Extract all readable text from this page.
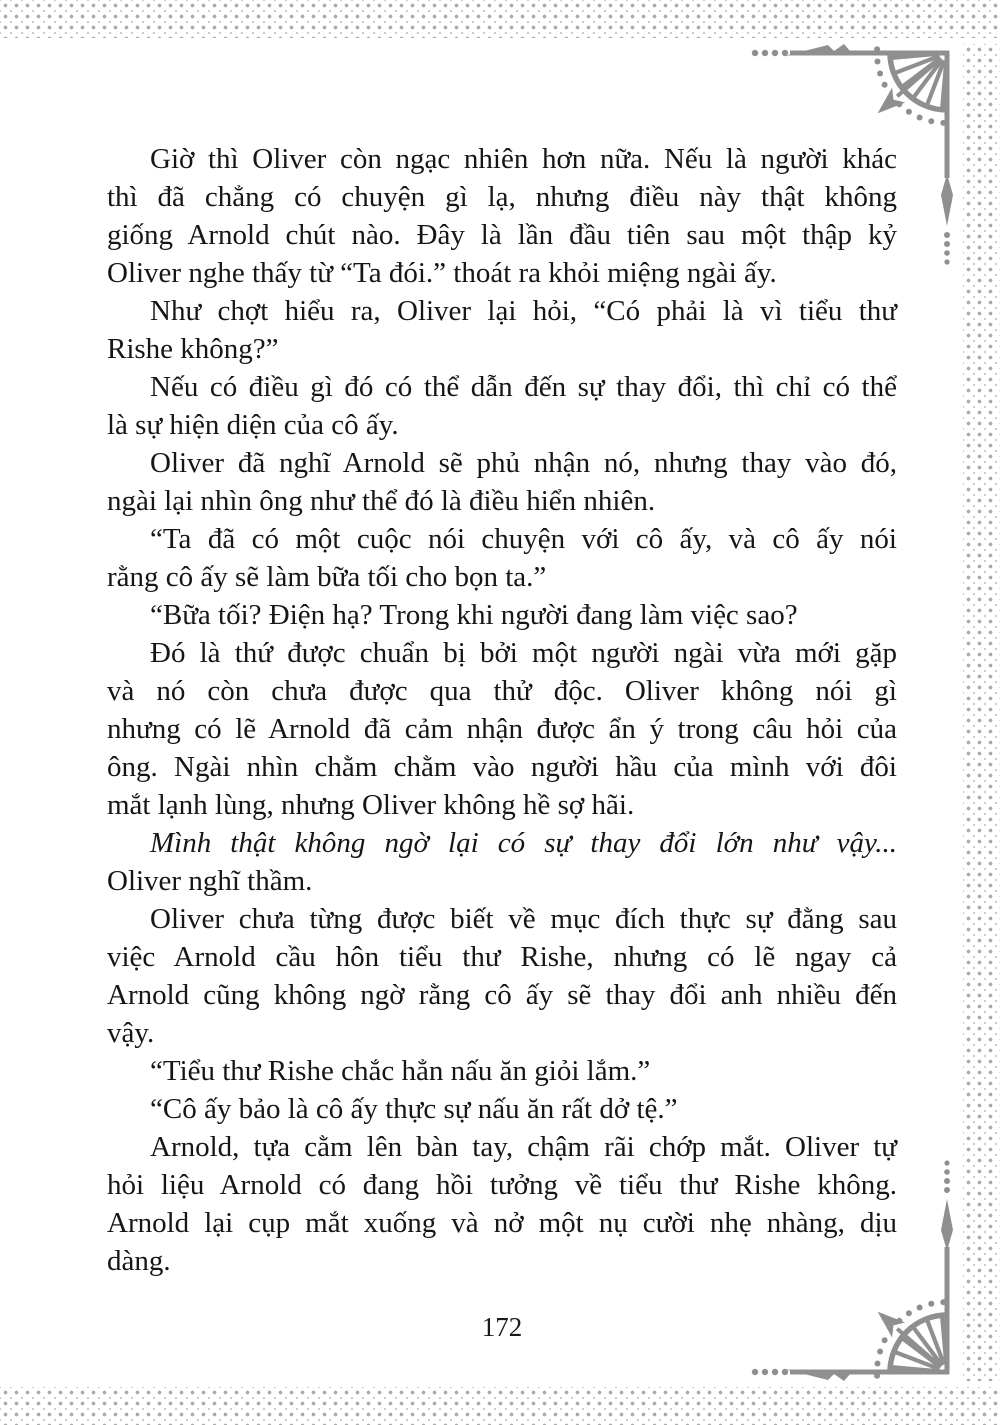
Giờ thì Oliver còn ngạc nhiên hơn nữa. Nếu là người khác
thì đã chẳng có chuyện gì lạ, nhưng điều này thật không
giống Arnold chút nào. Đây là lần đầu tiên sau một thập kỷ
Oliver nghe thấy từ “Ta đói.” thoát ra khỏi miệng ngài ấy.
Như chợt hiểu ra, Oliver lại hỏi, “Có phải là vì tiểu thư
Rishe không?”
Nếu có điều gì đó có thể dẫn đến sự thay đổi, thì chỉ có thể
là sự hiện diện của cô ấy.
Oliver đã nghĩ Arnold sẽ phủ nhận nó, nhưng thay vào đó,
ngài lại nhìn ông như thể đó là điều hiển nhiên.
“Ta đã có một cuộc nói chuyện với cô ấy, và cô ấy nói
rằng cô ấy sẽ làm bữa tối cho bọn ta.”
“Bữa tối? Điện hạ? Trong khi người đang làm việc sao?
Đó là thứ được chuẩn bị bởi một người ngài vừa mới gặp
và nó còn chưa được qua thử độc. Oliver không nói gì
nhưng có lẽ Arnold đã cảm nhận được ẩn ý trong câu hỏi của
ông. Ngài nhìn chằm chằm vào người hầu của mình với đôi
mắt lạnh lùng, nhưng Oliver không hề sợ hãi.
Mình thật không ngờ lại có sự thay đổi lớn như vậy...
Oliver nghĩ thầm.
Oliver chưa từng được biết về mục đích thực sự đằng sau
việc Arnold cầu hôn tiểu thư Rishe, nhưng có lẽ ngay cả
Arnold cũng không ngờ rằng cô ấy sẽ thay đổi anh nhiều đến
vậy.
“Tiểu thư Rishe chắc hẳn nấu ăn giỏi lắm.”
“Cô ấy bảo là cô ấy thực sự nấu ăn rất dở tệ.”
Arnold, tựa cằm lên bàn tay, chậm rãi chớp mắt. Oliver tự
hỏi liệu Arnold có đang hồi tưởng về tiểu thư Rishe không.
Arnold lại cụp mắt xuống và nở một nụ cười nhẹ nhàng, dịu
dàng.
172
